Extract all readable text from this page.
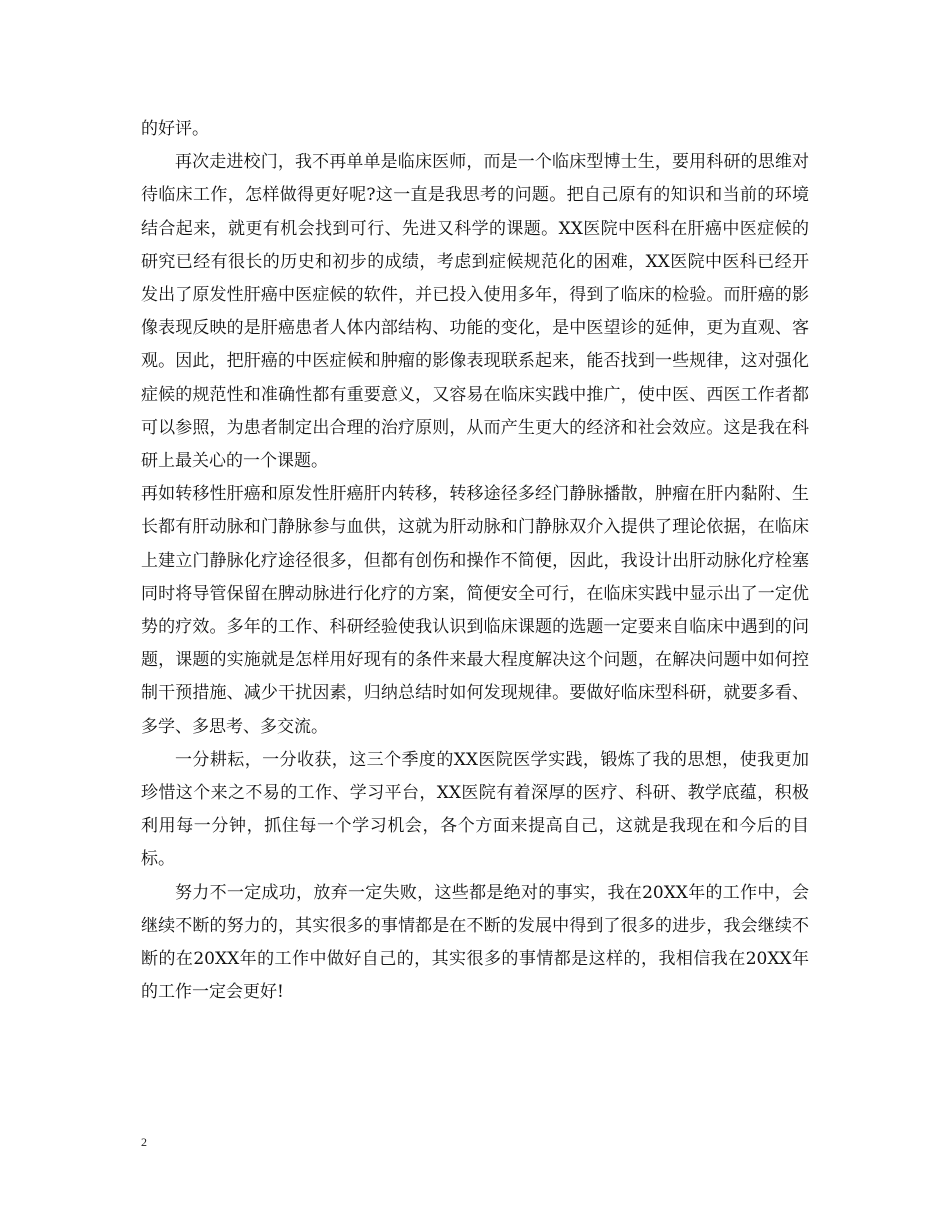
的好评。

再次走进校门，我不再单单是临床医师，而是一个临床型博士生，要用科研的思维对待临床工作，怎样做得更好呢?这一直是我思考的问题。把自己原有的知识和当前的环境结合起来，就更有机会找到可行、先进又科学的课题。XX医院中医科在肝癌中医症候的研究已经有很长的历史和初步的成绩，考虑到症候规范化的困难，XX医院中医科已经开发出了原发性肝癌中医症候的软件，并已投入使用多年，得到了临床的检验。而肝癌的影像表现反映的是肝癌患者人体内部结构、功能的变化，是中医望诊的延伸，更为直观、客观。因此，把肝癌的中医症候和肿瘤的影像表现联系起来，能否找到一些规律，这对强化症候的规范性和准确性都有重要意义，又容易在临床实践中推广，使中医、西医工作者都可以参照，为患者制定出合理的治疗原则，从而产生更大的经济和社会效应。这是我在科研上最关心的一个课题。

再如转移性肝癌和原发性肝癌肝内转移，转移途径多经门静脉播散，肿瘤在肝内黏附、生长都有肝动脉和门静脉参与血供，这就为肝动脉和门静脉双介入提供了理论依据，在临床上建立门静脉化疗途径很多，但都有创伤和操作不简便，因此，我设计出肝动脉化疗栓塞同时将导管保留在脾动脉进行化疗的方案，简便安全可行，在临床实践中显示出了一定优势的疗效。多年的工作、科研经验使我认识到临床课题的选题一定要来自临床中遇到的问题，课题的实施就是怎样用好现有的条件来最大程度解决这个问题，在解决问题中如何控制干预措施、减少干扰因素，归纳总结时如何发现规律。要做好临床型科研，就要多看、多学、多思考、多交流。

一分耕耘，一分收获，这三个季度的XX医院医学实践，锻炼了我的思想，使我更加珍惜这个来之不易的工作、学习平台，XX医院有着深厚的医疗、科研、教学底蕴，积极利用每一分钟，抓住每一个学习机会，各个方面来提高自己，这就是我现在和今后的目标。

努力不一定成功，放弃一定失败，这些都是绝对的事实，我在20XX年的工作中，会继续不断的努力的，其实很多的事情都是在不断的发展中得到了很多的进步，我会继续不断的在20XX年的工作中做好自己的，其实很多的事情都是这样的，我相信我在20XX年的工作一定会更好!

2
